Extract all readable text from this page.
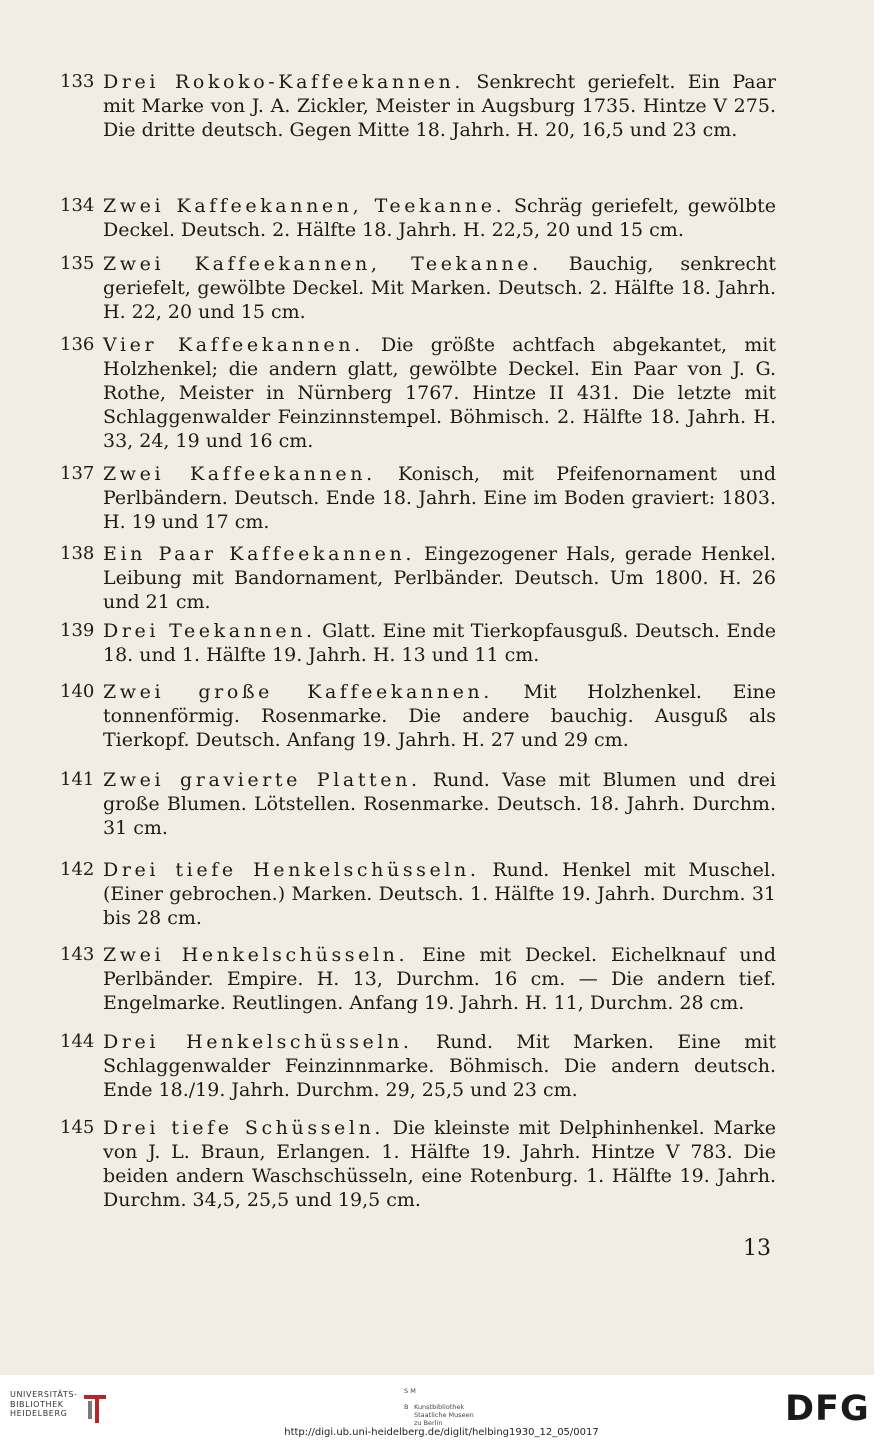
133 Drei Rokoko-Kaffeekannen. Senkrecht geriefelt. Ein Paar mit Marke von J. A. Zickler, Meister in Augsburg 1735. Hintze V 275. Die dritte deutsch. Gegen Mitte 18. Jahrh. H. 20, 16,5 und 23 cm.
134 Zwei Kaffeekannen, Teekanne. Schräg geriefelt, gewölbte Deckel. Deutsch. 2. Hälfte 18. Jahrh. H. 22,5, 20 und 15 cm.
135 Zwei Kaffeekannen, Teekanne. Bauchig, senkrecht geriefelt, gewölbte Deckel. Mit Marken. Deutsch. 2. Hälfte 18. Jahrh. H. 22, 20 und 15 cm.
136 Vier Kaffeekannen. Die größte achtfach abgekantet, mit Holzhenkel; die andern glatt, gewölbte Deckel. Ein Paar von J. G. Rothe, Meister in Nürnberg 1767. Hintze II 431. Die letzte mit Schlaggenwalder Feinzinnstempel. Böhmisch. 2. Hälfte 18. Jahrh. H. 33, 24, 19 und 16 cm.
137 Zwei Kaffeekannen. Konisch, mit Pfeifenornament und Perlbändern. Deutsch. Ende 18. Jahrh. Eine im Boden graviert: 1803. H. 19 und 17 cm.
138 Ein Paar Kaffeekannen. Eingezogener Hals, gerade Henkel. Leibung mit Bandornament, Perlbänder. Deutsch. Um 1800. H. 26 und 21 cm.
139 Drei Teekannen. Glatt. Eine mit Tierkopfausguß. Deutsch. Ende 18. und 1. Hälfte 19. Jahrh. H. 13 und 11 cm.
140 Zwei große Kaffeekannen. Mit Holzhenkel. Eine tonnenförmig. Rosenmarke. Die andere bauchig. Ausguß als Tierkopf. Deutsch. Anfang 19. Jahrh. H. 27 und 29 cm.
141 Zwei gravierte Platten. Rund. Vase mit Blumen und drei große Blumen. Lötstellen. Rosenmarke. Deutsch. 18. Jahrh. Durchm. 31 cm.
142 Drei tiefe Henkelschüsseln. Rund. Henkel mit Muschel. (Einer gebrochen.) Marken. Deutsch. 1. Hälfte 19. Jahrh. Durchm. 31 bis 28 cm.
143 Zwei Henkelschüsseln. Eine mit Deckel. Eichelknauf und Perlbänder. Empire. H. 13, Durchm. 16 cm. — Die andern tief. Engelmarke. Reutlingen. Anfang 19. Jahrh. H. 11, Durchm. 28 cm.
144 Drei Henkelschüsseln. Rund. Mit Marken. Eine mit Schlaggenwalder Feinzinnmarke. Böhmisch. Die andern deutsch. Ende 18./19. Jahrh. Durchm. 29, 25,5 und 23 cm.
145 Drei tiefe Schüsseln. Die kleinste mit Delphinhenkel. Marke von J. L. Braun, Erlangen. 1. Hälfte 19. Jahrh. Hintze V 783. Die beiden andern Waschschüsseln, eine Rotenburg. 1. Hälfte 19. Jahrh. Durchm. 34,5, 25,5 und 19,5 cm.
13
UNIVERSITÄTS-
BIBLIOTHEK
HEIDELBERG
S M
B Kunstbibliothek
Staatliche Museen
zu Berlin	DFG
http://digi.ub.uni-heidelberg.de/diglit/helbing1930_12_05/0017
